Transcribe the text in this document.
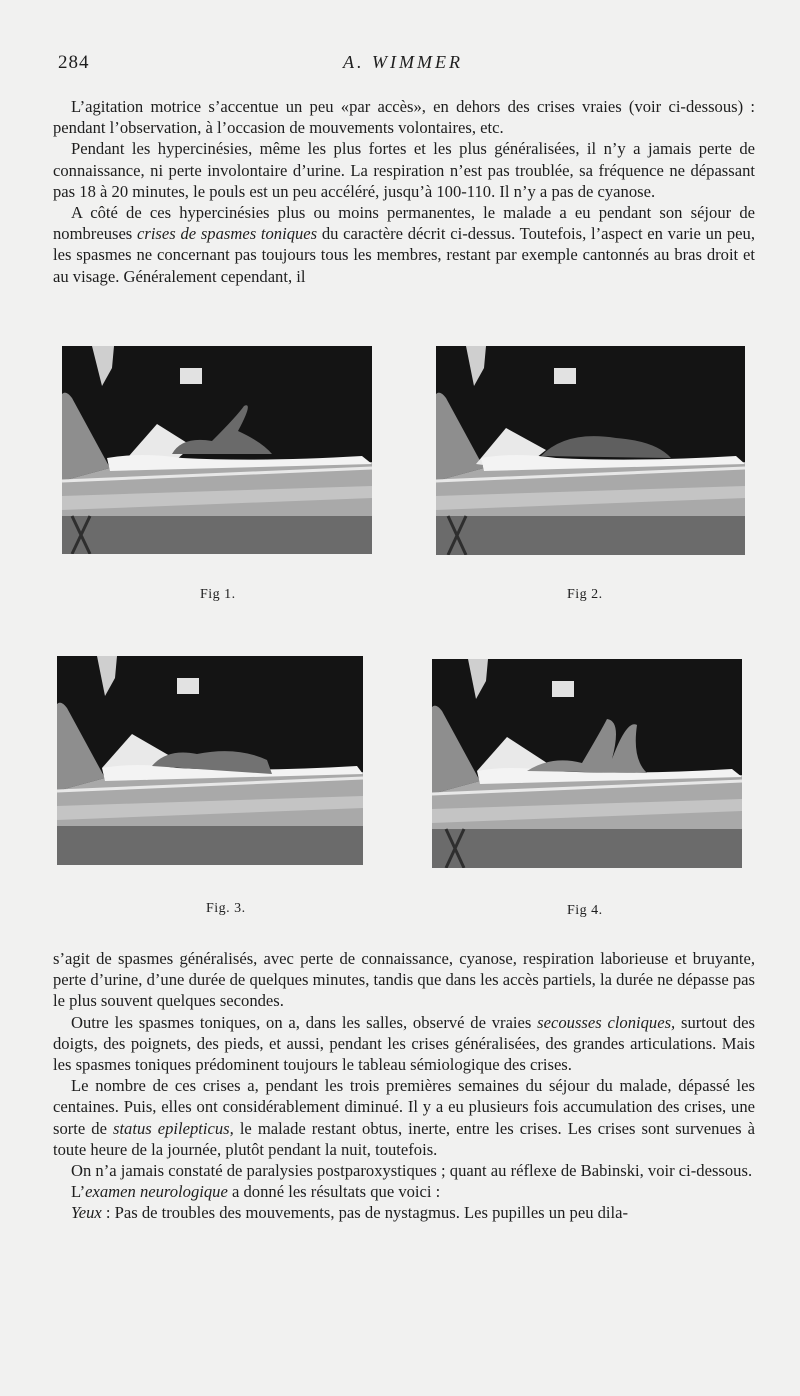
284	A. WIMMER

L’agitation motrice s’accentue un peu «par accès», en dehors des crises vraies (voir ci-dessous) : pendant l’observation, à l’occasion de mouvements volontaires, etc.

Pendant les hypercinésies, même les plus fortes et les plus généralisées, il n’y a jamais perte de connaissance, ni perte involontaire d’urine. La respiration n’est pas troublée, sa fréquence ne dépassant pas 18 à 20 minutes, le pouls est un peu accéléré, jusqu’à 100-110. Il n’y a pas de cyanose.

A côté de ces hypercinésies plus ou moins permanentes, le malade a eu pendant son séjour de nombreuses crises de spasmes toniques du caractère décrit ci-dessus. Toutefois, l’aspect en varie un peu, les spasmes ne concernant pas toujours tous les membres, restant par exemple cantonnés au bras droit et au visage. Généralement cependant, il

Fig 1.	Fig 2.
Fig. 3.	Fig 4.

s’agit de spasmes généralisés, avec perte de connaissance, cyanose, respiration laborieuse et bruyante, perte d’urine, d’une durée de quelques minutes, tandis que dans les accès partiels, la durée ne dépasse pas le plus souvent quelques secondes.

Outre les spasmes toniques, on a, dans les salles, observé de vraies secousses cloniques, surtout des doigts, des poignets, des pieds, et aussi, pendant les crises généralisées, des grandes articulations. Mais les spasmes toniques prédominent toujours le tableau sémiologique des crises.

Le nombre de ces crises a, pendant les trois premières semaines du séjour du malade, dépassé les centaines. Puis, elles ont considérablement diminué. Il y a eu plusieurs fois accumulation des crises, une sorte de status epilepticus, le malade restant obtus, inerte, entre les crises. Les crises sont survenues à toute heure de la journée, plutôt pendant la nuit, toutefois.

On n’a jamais constaté de paralysies postparoxystiques ; quant au réflexe de Babinski, voir ci-dessous.

L’examen neurologique a donné les résultats que voici :

Yeux : Pas de troubles des mouvements, pas de nystagmus. Les pupilles un peu dila-
